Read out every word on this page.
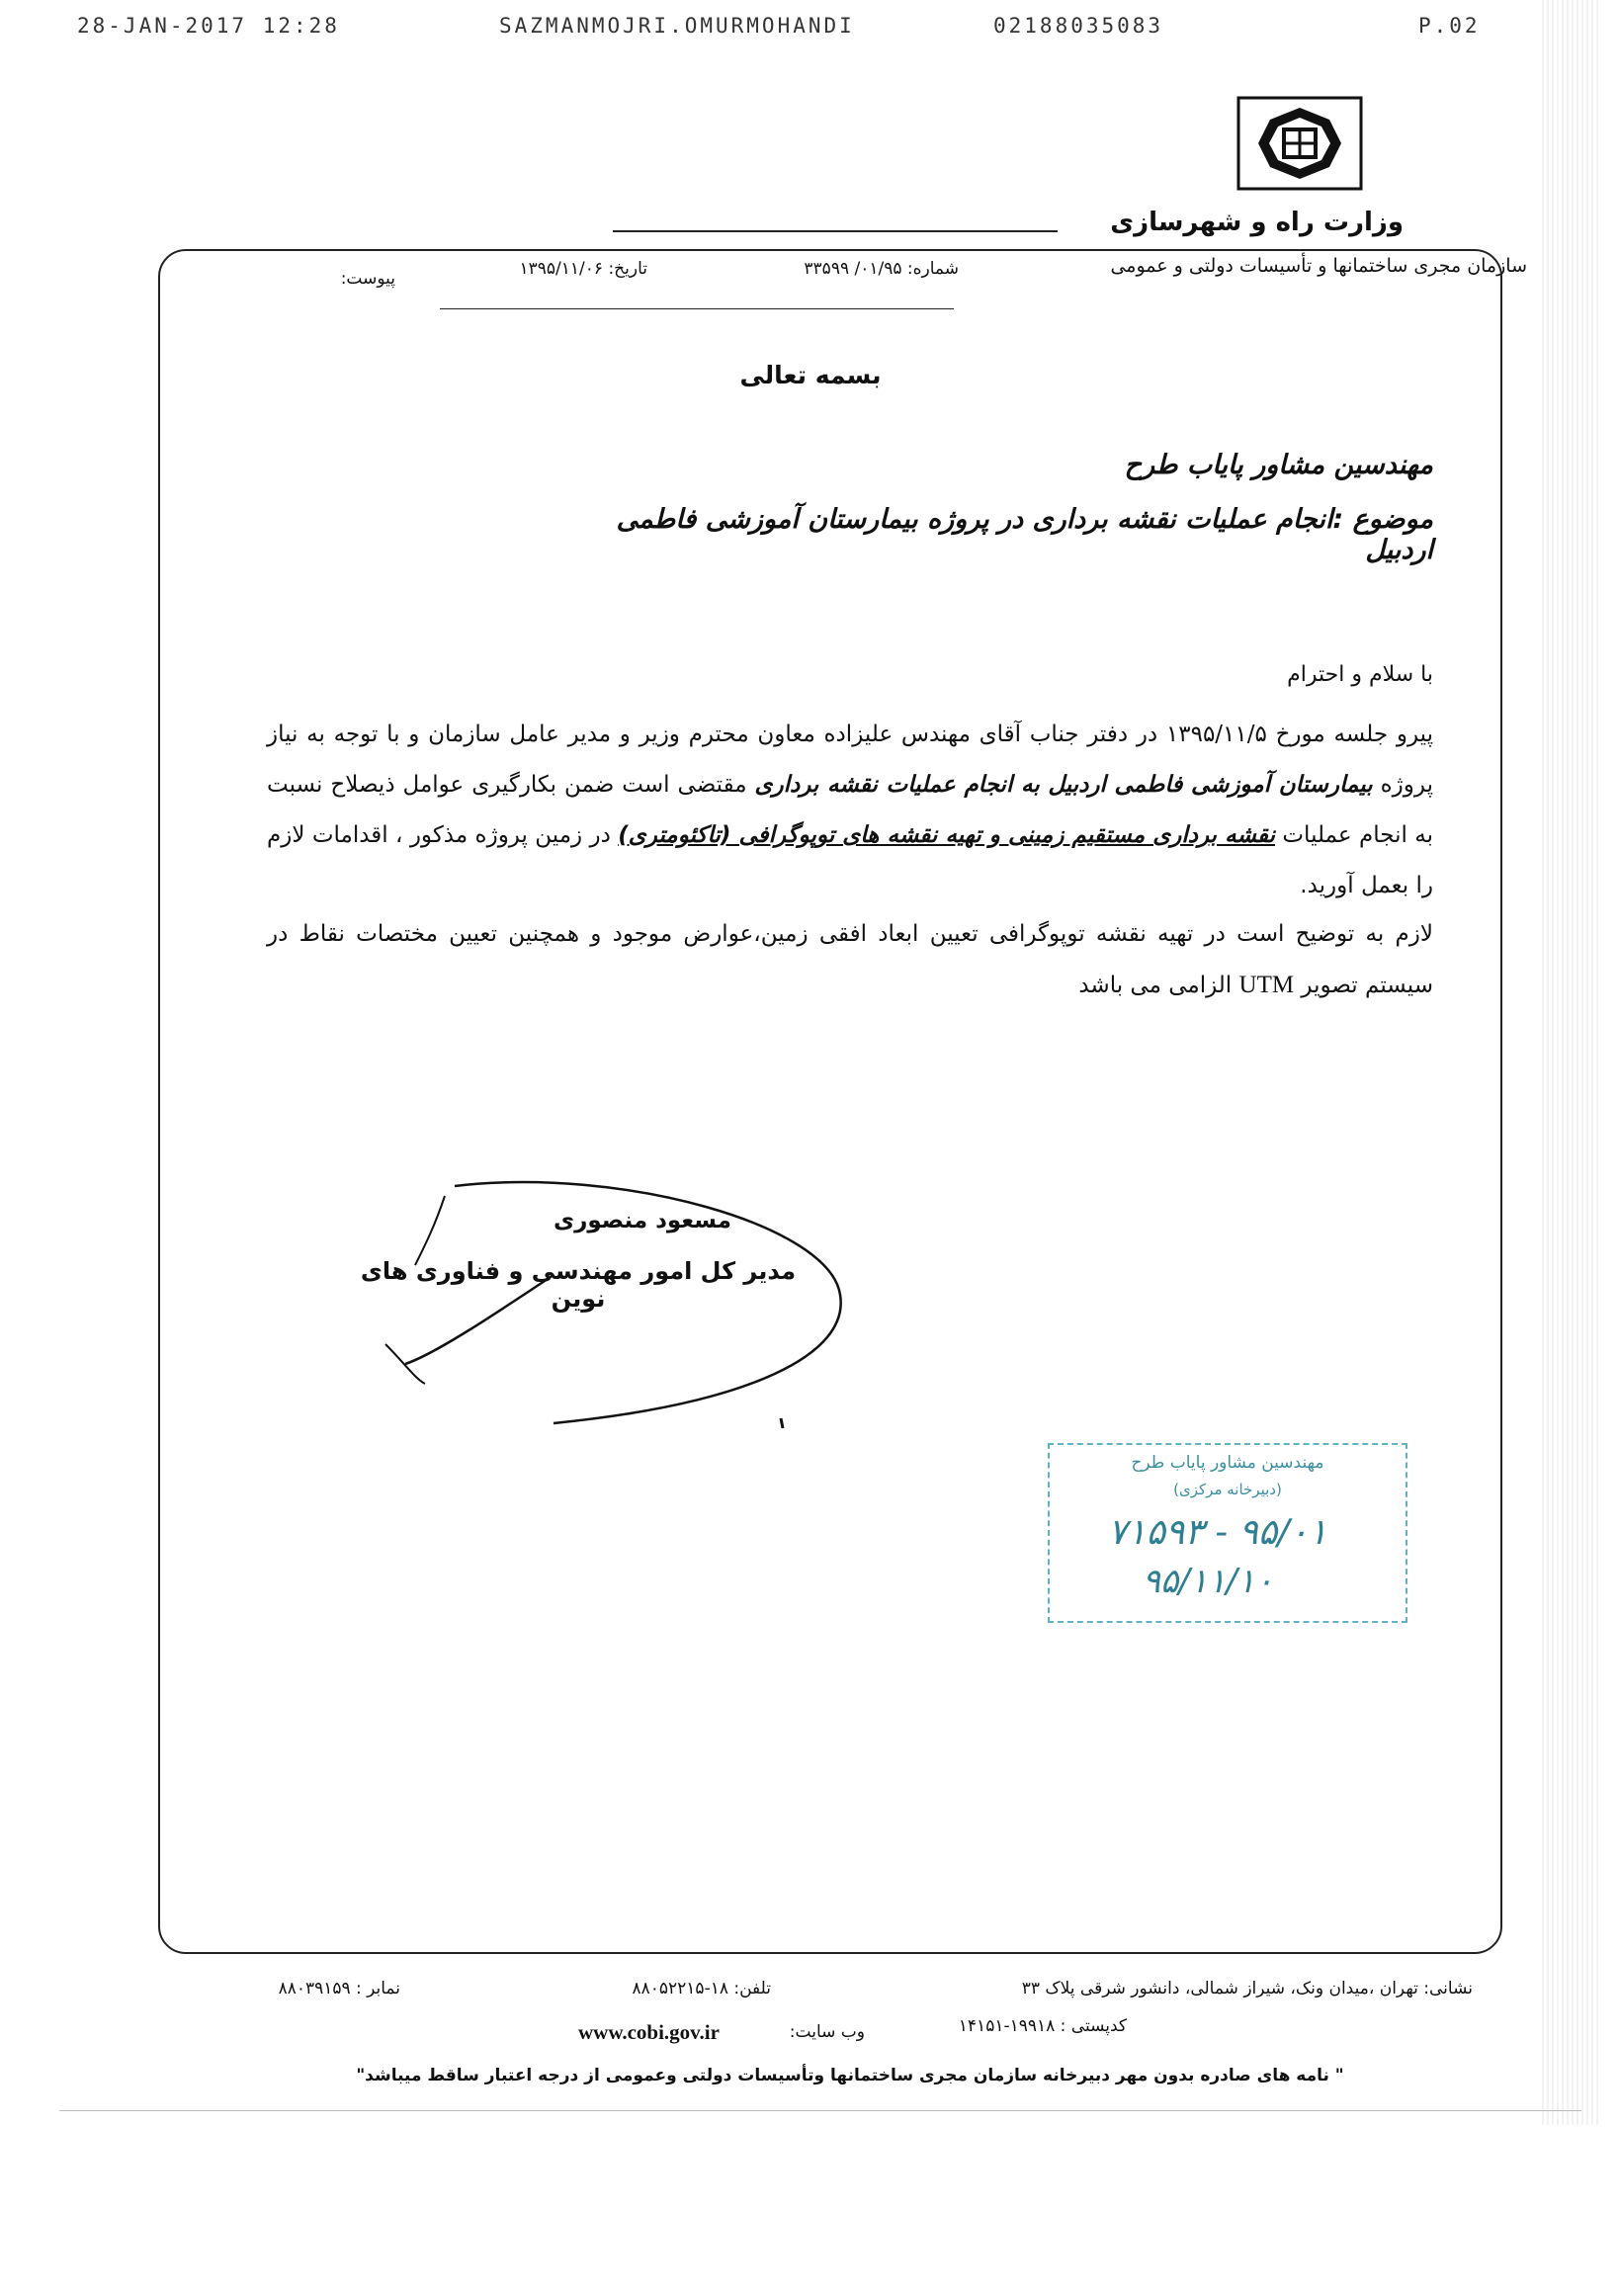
28-JAN-2017 12:28	SAZMANMOJRI.OMURMOHANDI	02188035083	P.02
وزارت راه و شهرسازی
سازمان مجری ساختمانها و تأسیسات دولتی و عمومی
شماره: ۰۱/۹۵/ ۳۳۵۹۹
تاریخ: ۱۳۹۵/۱۱/۰۶
پیوست:
بسمه تعالی
مهندسین مشاور پایاب طرح
موضوع :انجام عملیات نقشه برداری در پروژه بیمارستان آموزشی فاطمی اردبیل
با سلام و احترام
پیرو جلسه مورخ ۱۳۹۵/۱۱/۵ در دفتر جناب آقای مهندس علیزاده معاون محترم وزیر و مدیر عامل سازمان و با توجه به نیاز پروژه بیمارستان آموزشی فاطمی اردبیل به انجام عملیات نقشه برداری مقتضی است ضمن بکارگیری عوامل ذیصلاح نسبت به انجام عملیات نقشه برداری مستقیم زمینی و تهیه نقشه های توپوگرافی (تاکئومتری) در زمین پروژه مذکور ، اقدامات لازم را بعمل آورید.
لازم به توضیح است در تهیه نقشه توپوگرافی تعیین ابعاد افقی زمین،عوارض موجود و همچنین تعیین مختصات نقاط در سیستم تصویر UTM الزامی می باشد
مسعود منصوری
مدیر کل امور مهندسی و فناوری های نوین
مهندسین مشاور پایاب طرح
(دبیرخانه مرکزی)
۷۱۵۹۳ - ۹۵/۰۱
۹۵/۱۱/۱۰
نشانی: تهران ،میدان ونک، شیراز شمالی، دانشور شرقی پلاک ۳۳
تلفن: ۱۸-۸۸۰۵۲۲۱۵
نمابر : ۸۸۰۳۹۱۵۹
کدپستی : ۱۹۹۱۸-۱۴۱۵۱
وب سایت:
www.cobi.gov.ir
" نامه های صادره بدون مهر دبیرخانه سازمان مجری ساختمانها وتأسیسات دولتی وعمومی از درجه اعتبار ساقط میباشد"
